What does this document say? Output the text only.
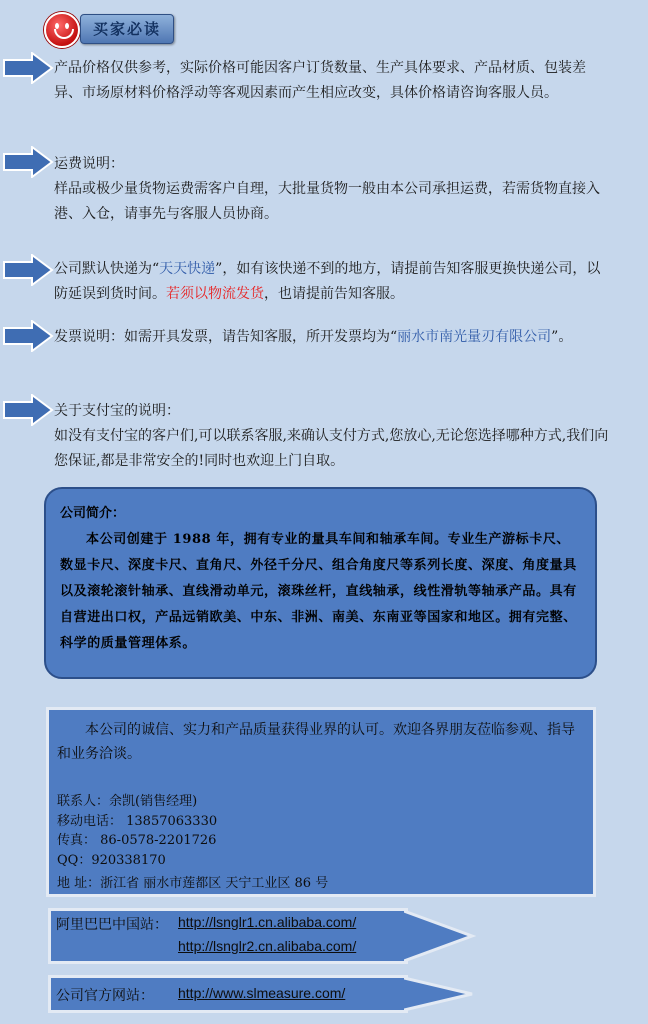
买家必读
产品价格仅供参考，实际价格可能因客户订货数量、生产具体要求、产品材质、包装差异、市场原材料价格浮动等客观因素而产生相应改变，具体价格请咨询客服人员。
运费说明：
样品或极少量货物运费需客户自理，大批量货物一般由本公司承担运费，若需货物直接入港、入仓，请事先与客服人员协商。
公司默认快递为“天天快递”，如有该快递不到的地方，请提前告知客服更换快递公司，以防延误到货时间。若须以物流发货，也请提前告知客服。
发票说明：如需开具发票，请告知客服，所开发票均为“丽水市南光量刃有限公司”。
关于支付宝的说明：
如没有支付宝的客户们,可以联系客服,来确认支付方式,您放心,无论您选择哪种方式,我们向您保证,都是非常安全的!同时也欢迎上门自取。
公司简介：
本公司创建于 1988 年，拥有专业的量具车间和轴承车间。专业生产游标卡尺、数显卡尺、深度卡尺、直角尺、外径千分尺、组合角度尺等系列长度、深度、角度量具以及滚轮滚针轴承、直线滑动单元，滚珠丝杆，直线轴承，线性滑轨等轴承产品。具有自营进出口权，产品远销欧美、中东、非洲、南美、东南亚等国家和地区。拥有完整、科学的质量管理体系。
本公司的诚信、实力和产品质量获得业界的认可。欢迎各界朋友莅临参观、指导和业务洽谈。
联系人：余凯(销售经理)
移动电话： 13857063330
传真： 86-0578-2201726
QQ：920338170
地 址：浙江省 丽水市莲都区 天宁工业区 86 号
阿里巴巴中国站： http://lsnglr1.cn.alibaba.com/
http://lsnglr2.cn.alibaba.com/
公司官方网站： http://www.slmeasure.com/
